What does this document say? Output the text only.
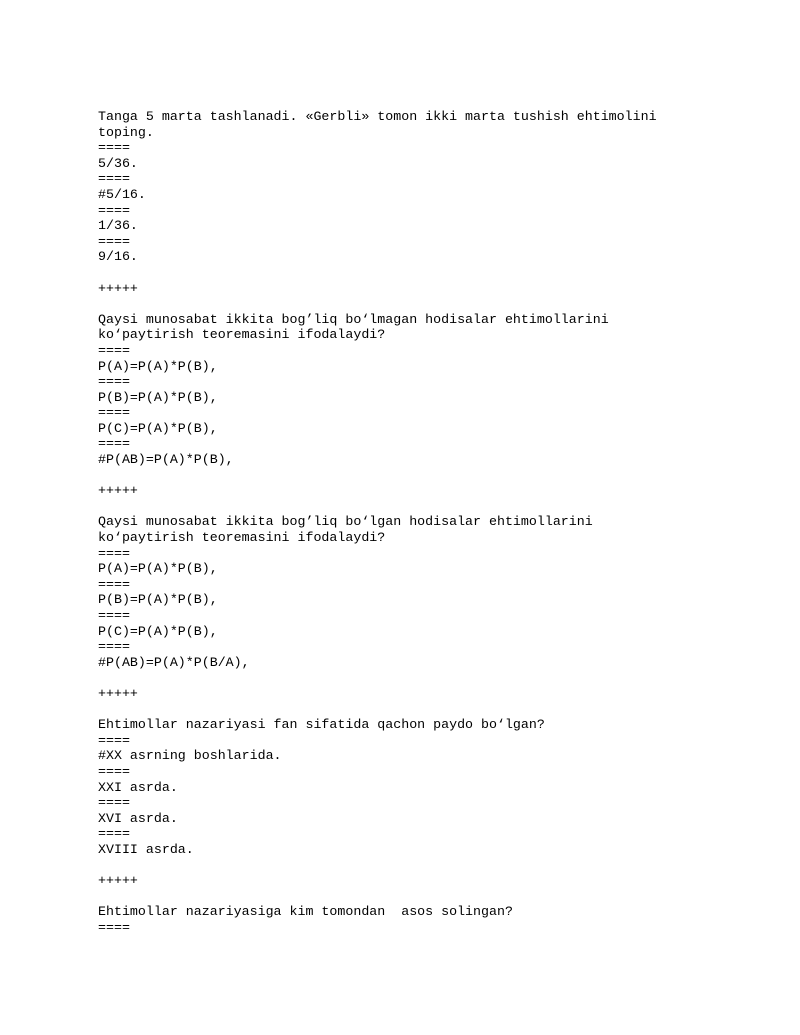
Tanga 5 marta tashlanadi. «Gerbli» tomon ikki marta tushish ehtimolini
toping.
====
5/36.
====
#5/16.
====
1/36.
====
9/16.
+++++
Qaysi munosabat ikkita bog’liq bo‘lmagan hodisalar ehtimollarini
ko‘paytirish teoremasini ifodalaydi?
====
P(A)=P(A)*P(B),
====
P(B)=P(A)*P(B),
====
P(C)=P(A)*P(B),
====
#P(AB)=P(A)*P(B),
+++++
Qaysi munosabat ikkita bog’liq bo‘lgan hodisalar ehtimollarini
ko‘paytirish teoremasini ifodalaydi?
====
P(A)=P(A)*P(B),
====
P(B)=P(A)*P(B),
====
P(C)=P(A)*P(B),
====
#P(AB)=P(A)*P(B/A),
+++++
Ehtimollar nazariyasi fan sifatida qachon paydo bo‘lgan?
====
#XX asrning boshlarida.
====
XXI asrda.
====
XVI asrda.
====
XVIII asrda.
+++++
Ehtimollar nazariyasiga kim tomondan  asos solingan?
====
